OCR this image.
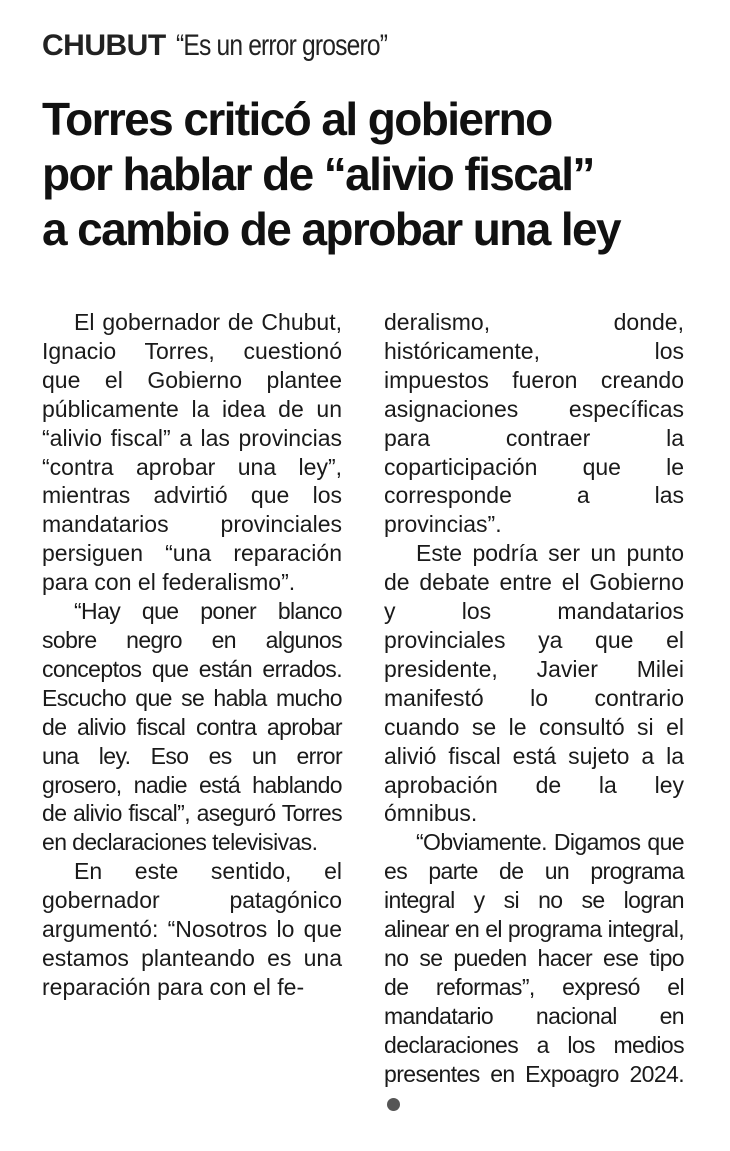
CHUBUT “Es un error grosero”
Torres criticó al gobierno
por hablar de “alivio fiscal”
a cambio de aprobar una ley

El gobernador de Chubut, Ignacio Torres, cuestionó que el Gobierno plantee públicamente la idea de un “alivio fiscal” a las provincias “contra aprobar una ley”, mientras advirtió que los mandatarios provinciales persiguen “una reparación para con el federalismo”.

“Hay que poner blanco sobre negro en algunos conceptos que están errados. Escucho que se habla mucho de alivio fiscal contra aprobar una ley. Eso es un error grosero, nadie está hablando de alivio fiscal”, aseguró Torres en declaraciones televisivas.

En este sentido, el gobernador patagónico argumentó: “Nosotros lo que estamos planteando es una reparación para con el fe-

deralismo, donde, históricamente, los impuestos fueron creando asignaciones específicas para contraer la coparticipación que le corresponde a las provincias”.

Este podría ser un punto de debate entre el Gobierno y los mandatarios provinciales ya que el presidente, Javier Milei manifestó lo contrario cuando se le consultó si el alivió fiscal está sujeto a la aprobación de la ley ómnibus.

“Obviamente. Digamos que es parte de un programa integral y si no se logran alinear en el programa integral, no se pueden hacer ese tipo de reformas”, expresó el mandatario nacional en declaraciones a los medios presentes en Expoagro 2024.
